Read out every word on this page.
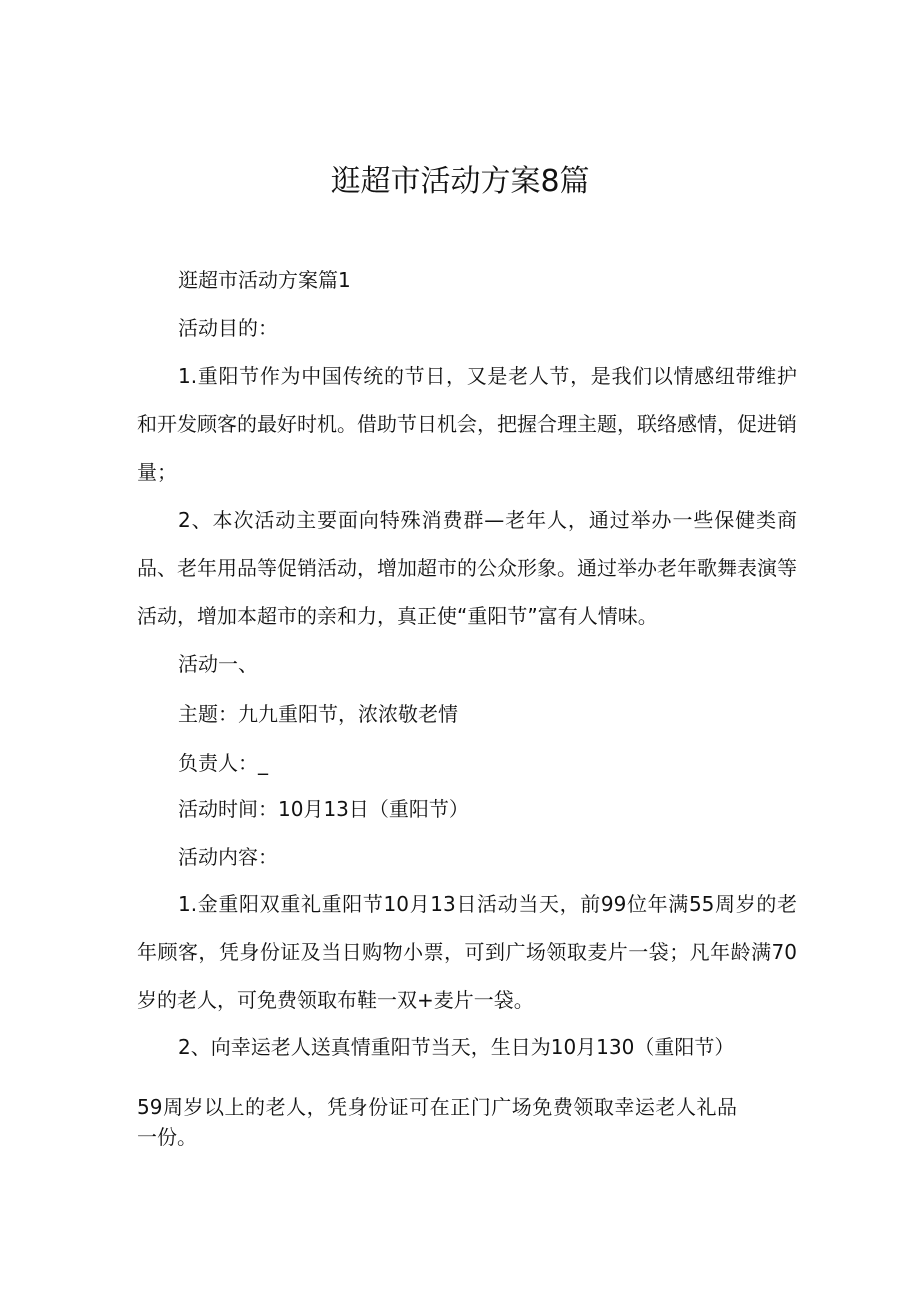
逛超市活动方案8篇
逛超市活动方案篇1
活动目的：
1.重阳节作为中国传统的节日，又是老人节，是我们以情感纽带维护和开发顾客的最好时机。借助节日机会，把握合理主题，联络感情，促进销量；
2、本次活动主要面向特殊消费群—老年人，通过举办一些保健类商品、老年用品等促销活动，增加超市的公众形象。通过举办老年歌舞表演等活动，增加本超市的亲和力，真正使“重阳节”富有人情味。
活动一、
主题：九九重阳节，浓浓敬老情
负责人：_
活动时间：10月13日（重阳节）
活动内容：
1.金重阳双重礼重阳节10月13日活动当天，前99位年满55周岁的老年顾客，凭身份证及当日购物小票，可到广场领取麦片一袋；凡年龄满70岁的老人，可免费领取布鞋一双+麦片一袋。
2、向幸运老人送真情重阳节当天，生日为10月130（重阳节）
59周岁以上的老人，凭身份证可在正门广场免费领取幸运老人礼品一份。
